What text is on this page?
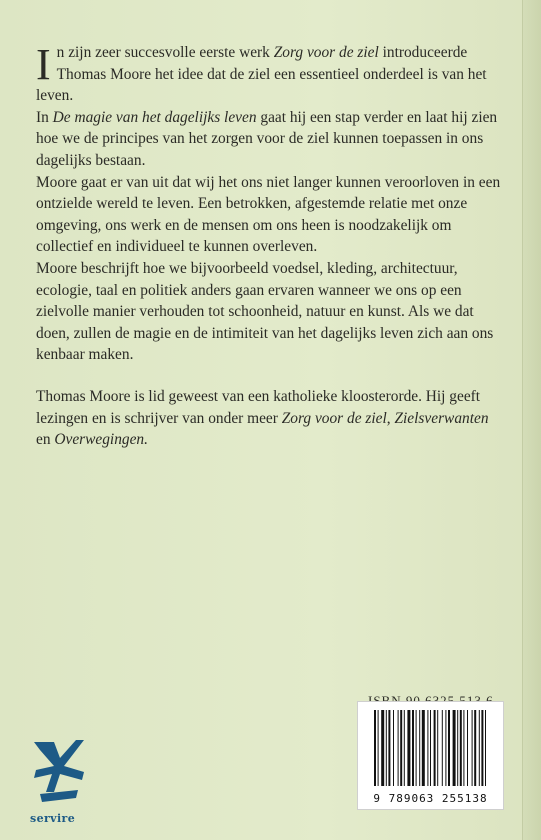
In zijn zeer succesvolle eerste werk Zorg voor de ziel introduceerde Thomas Moore het idee dat de ziel een essentieel onderdeel is van het leven.

In De magie van het dagelijks leven gaat hij een stap verder en laat hij zien hoe we de principes van het zorgen voor de ziel kunnen toepassen in ons dagelijks bestaan.

Moore gaat er van uit dat wij het ons niet langer kunnen veroorloven in een ontzielde wereld te leven. Een betrokken, afgestemde relatie met onze omgeving, ons werk en de mensen om ons heen is noodzakelijk om collectief en individueel te kunnen overleven.

Moore beschrijft hoe we bijvoorbeeld voedsel, kleding, architectuur, ecologie, taal en politiek anders gaan ervaren wanneer we ons op een zielvolle manier verhouden tot schoonheid, natuur en kunst. Als we dat doen, zullen de magie en de intimiteit van het dagelijks leven zich aan ons kenbaar maken.

Thomas Moore is lid geweest van een katholieke kloosterorde. Hij geeft lezingen en is schrijver van onder meer Zorg voor de ziel, Zielsverwanten en Overwegingen.

9 789063 255138
servire
